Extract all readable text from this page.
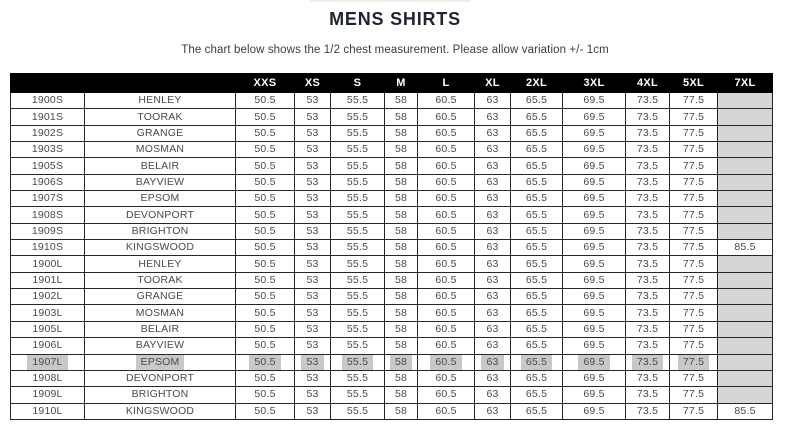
MENS SHIRTS
The chart below shows the 1/2 chest measurement. Please allow variation +/- 1cm
		XXS	XS	S	M	L	XL	2XL	3XL	4XL	5XL	7XL
1900S	HENLEY	50.5	53	55.5	58	60.5	63	65.5	69.5	73.5	77.5	
1901S	TOORAK	50.5	53	55.5	58	60.5	63	65.5	69.5	73.5	77.5	
1902S	GRANGE	50.5	53	55.5	58	60.5	63	65.5	69.5	73.5	77.5	
1903S	MOSMAN	50.5	53	55.5	58	60.5	63	65.5	69.5	73.5	77.5	
1905S	BELAIR	50.5	53	55.5	58	60.5	63	65.5	69.5	73.5	77.5	
1906S	BAYVIEW	50.5	53	55.5	58	60.5	63	65.5	69.5	73.5	77.5	
1907S	EPSOM	50.5	53	55.5	58	60.5	63	65.5	69.5	73.5	77.5	
1908S	DEVONPORT	50.5	53	55.5	58	60.5	63	65.5	69.5	73.5	77.5	
1909S	BRIGHTON	50.5	53	55.5	58	60.5	63	65.5	69.5	73.5	77.5	
1910S	KINGSWOOD	50.5	53	55.5	58	60.5	63	65.5	69.5	73.5	77.5	85.5
1900L	HENLEY	50.5	53	55.5	58	60.5	63	65.5	69.5	73.5	77.5	
1901L	TOORAK	50.5	53	55.5	58	60.5	63	65.5	69.5	73.5	77.5	
1902L	GRANGE	50.5	53	55.5	58	60.5	63	65.5	69.5	73.5	77.5	
1903L	MOSMAN	50.5	53	55.5	58	60.5	63	65.5	69.5	73.5	77.5	
1905L	BELAIR	50.5	53	55.5	58	60.5	63	65.5	69.5	73.5	77.5	
1906L	BAYVIEW	50.5	53	55.5	58	60.5	63	65.5	69.5	73.5	77.5	
1907L	EPSOM	50.5	53	55.5	58	60.5	63	65.5	69.5	73.5	77.5	
1908L	DEVONPORT	50.5	53	55.5	58	60.5	63	65.5	69.5	73.5	77.5	
1909L	BRIGHTON	50.5	53	55.5	58	60.5	63	65.5	69.5	73.5	77.5	
1910L	KINGSWOOD	50.5	53	55.5	58	60.5	63	65.5	69.5	73.5	77.5	85.5
